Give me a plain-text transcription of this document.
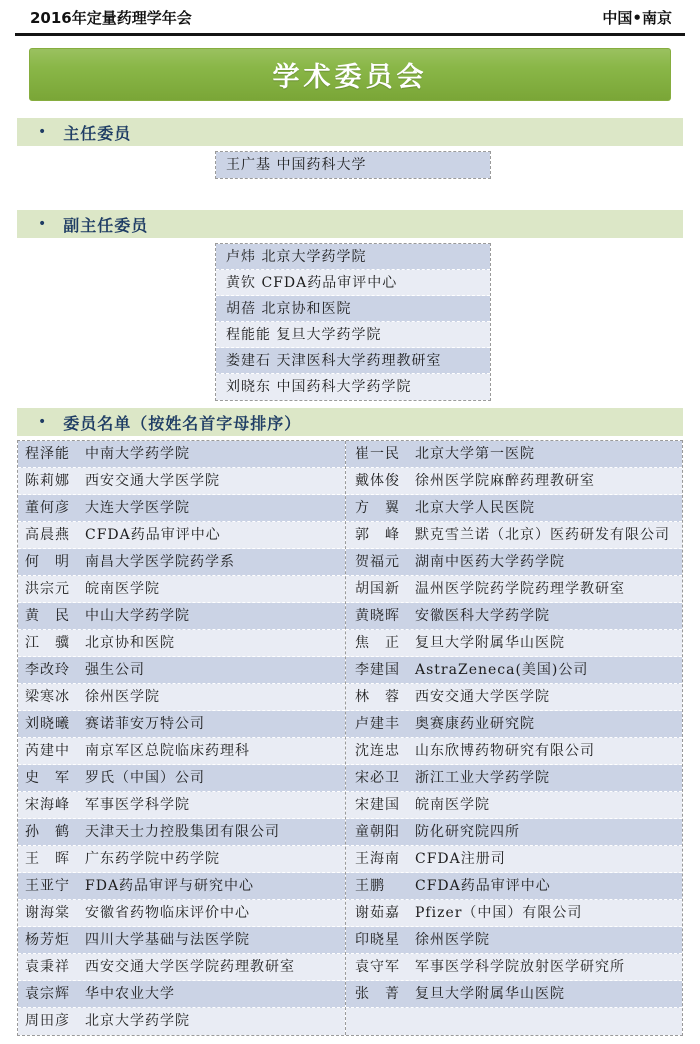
2016年定量药理学年会	中国•南京
学术委员会
• 主任委员
王广基 中国药科大学
• 副主任委员
卢炜 北京大学药学院
黄钦 CFDA药品审评中心
胡蓓 北京协和医院
程能能 复旦大学药学院
娄建石 天津医科大学药理教研室
刘晓东 中国药科大学药学院
• 委员名单（按姓名首字母排序）
程泽能 中南大学药学院
陈莉娜 西安交通大学医学院
董何彦 大连大学医学院
高晨燕 CFDA药品审评中心
何　明 南昌大学医学院药学系
洪宗元 皖南医学院
黄　民 中山大学药学院
江　骥 北京协和医院
李改玲 强生公司
梁寒冰 徐州医学院
刘晓曦 赛诺菲安万特公司
芮建中 南京军区总院临床药理科
史　军 罗氏（中国）公司
宋海峰 军事医学科学院
孙　鹤 天津天士力控股集团有限公司
王　晖 广东药学院中药学院
王亚宁 FDA药品审评与研究中心
谢海棠 安徽省药物临床评价中心
杨芳炬 四川大学基础与法医学院
袁秉祥 西安交通大学医学院药理教研室
袁宗辉 华中农业大学
周田彦 北京大学药学院
崔一民 北京大学第一医院
戴体俊 徐州医学院麻醉药理教研室
方　翼 北京大学人民医院
郭　峰 默克雪兰诺（北京）医药研发有限公司
贺福元 湖南中医药大学药学院
胡国新 温州医学院药学院药理学教研室
黄晓晖 安徽医科大学药学院
焦　正 复旦大学附属华山医院
李建国 AstraZeneca(美国)公司
林　蓉 西安交通大学医学院
卢建丰 奥赛康药业研究院
沈连忠 山东欣博药物研究有限公司
宋必卫 浙江工业大学药学院
宋建国 皖南医学院
童朝阳 防化研究院四所
王海南 CFDA注册司
王鹏 CFDA药品审评中心
谢茹嘉 Pfizer（中国）有限公司
印晓星 徐州医学院
袁守军 军事医学科学院放射医学研究所
张　菁 复旦大学附属华山医院
